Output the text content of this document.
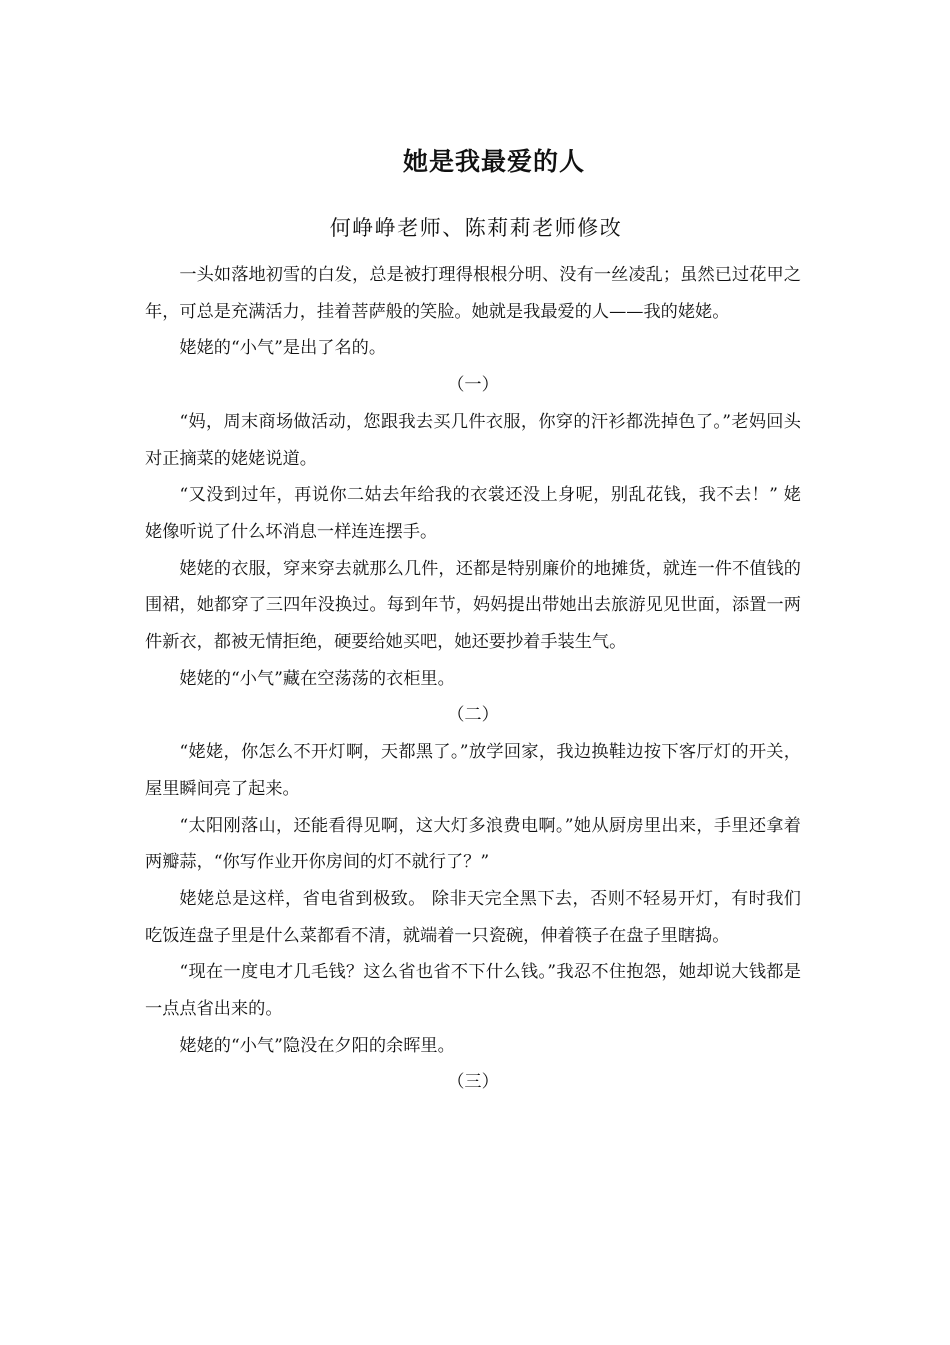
她是我最爱的人
何峥峥老师、陈莉莉老师修改

一头如落地初雪的白发，总是被打理得根根分明、没有一丝凌乱；虽然已过花甲之年，可总是充满活力，挂着菩萨般的笑脸。她就是我最爱的人——我的姥姥。

姥姥的“小气”是出了名的。

（一）

“妈，周末商场做活动，您跟我去买几件衣服，你穿的汗衫都洗掉色了。”老妈回头对正摘菜的姥姥说道。

“又没到过年，再说你二姑去年给我的衣裳还没上身呢，别乱花钱，我不去！” 姥姥像听说了什么坏消息一样连连摆手。

姥姥的衣服，穿来穿去就那么几件，还都是特别廉价的地摊货，就连一件不值钱的围裙，她都穿了三四年没换过。每到年节，妈妈提出带她出去旅游见见世面，添置一两件新衣，都被无情拒绝，硬要给她买吧，她还要抄着手装生气。

姥姥的“小气”藏在空荡荡的衣柜里。

（二）

“姥姥，你怎么不开灯啊，天都黑了。”放学回家，我边换鞋边按下客厅灯的开关，屋里瞬间亮了起来。

“太阳刚落山，还能看得见啊，这大灯多浪费电啊。”她从厨房里出来，手里还拿着两瓣蒜，“你写作业开你房间的灯不就行了？”

姥姥总是这样，省电省到极致。 除非天完全黑下去，否则不轻易开灯，有时我们吃饭连盘子里是什么菜都看不清，就端着一只瓷碗，伸着筷子在盘子里瞎捣。

“现在一度电才几毛钱？这么省也省不下什么钱。”我忍不住抱怨，她却说大钱都是一点点省出来的。

姥姥的“小气”隐没在夕阳的余晖里。

（三）
